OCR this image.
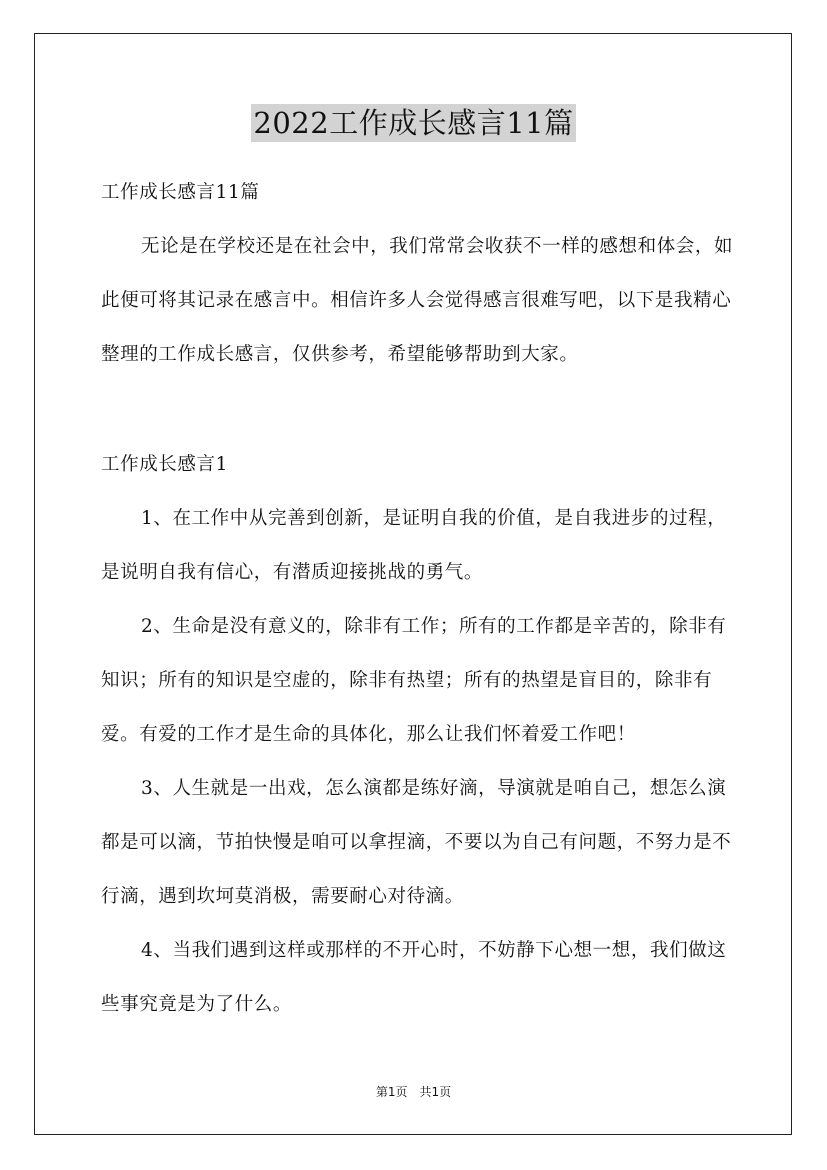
2022工作成长感言11篇

工作成长感言11篇

无论是在学校还是在社会中，我们常常会收获不一样的感想和体会，如此便可将其记录在感言中。相信许多人会觉得感言很难写吧，以下是我精心整理的工作成长感言，仅供参考，希望能够帮助到大家。

工作成长感言1

1、在工作中从完善到创新，是证明自我的价值，是自我进步的过程，是说明自我有信心，有潜质迎接挑战的勇气。

2、生命是没有意义的，除非有工作；所有的工作都是辛苦的，除非有知识；所有的知识是空虚的，除非有热望；所有的热望是盲目的，除非有爱。有爱的工作才是生命的具体化，那么让我们怀着爱工作吧！

3、人生就是一出戏，怎么演都是练好滴，导演就是咱自己，想怎么演都是可以滴，节拍快慢是咱可以拿捏滴，不要以为自己有问题，不努力是不行滴，遇到坎坷莫消极，需要耐心对待滴。

4、当我们遇到这样或那样的不开心时，不妨静下心想一想，我们做这些事究竟是为了什么。

第1页　共1页
